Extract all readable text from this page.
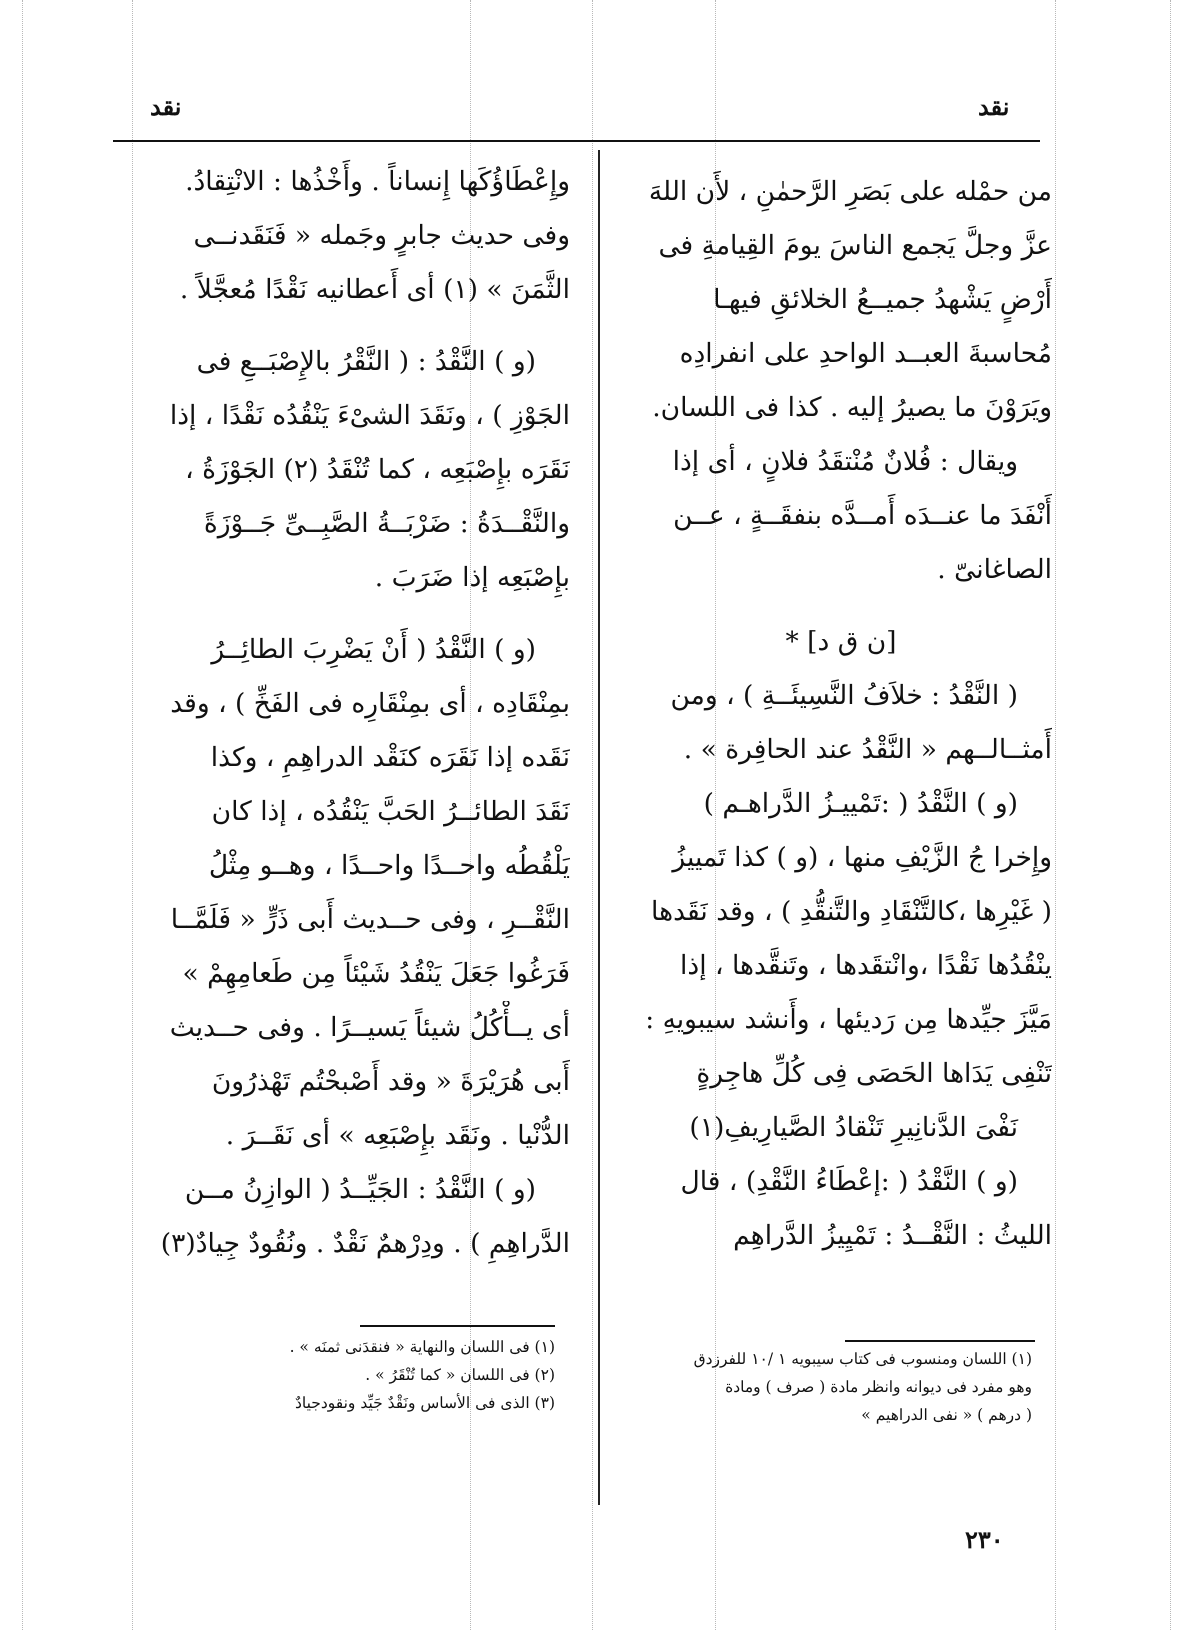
نقد	نقد
من حمْله على بَصَرِ الرَّحمٰنِ ، لأَن اللهَ
عزَّ وجلَّ يَجمع الناسَ يومَ القِيامةِ فى
أَرْضٍ يَشْهدُ جميــعُ الخلائقِ فيهـا
مُحاسبةَ العبــد الواحدِ على انفرادِه
ويَرَوْنَ ما يصيرُ إليه . كذا فى اللسان.
ويقال : فُلانٌ مُنْتقَدُ فلانٍ ، أى إذا
أَنْفَدَ ما عنــدَه أَمــدَّه بنفقَــةٍ ، عــن
الصاغانىّ .
[ن ق د] *
( النَّقْدُ : خلاَفُ النَّسِيئَــةِ ) ، ومن
أَمثــالــهم « النَّقْدُ عند الحافِرة » .
(و ) النَّقْدُ ( :تَمْييـزُ الدَّراهـم )
وإِخرا جُ الزَّيْفِ منها ، (و ) كذا تَمييزُ
( غَيْرِها ،كالتَّنْقَادِ والتَّنقُّدِ ) ، وقد نَقَدها
ينْقُدُها نَقْدًا ،وانْتقَدها ، وتَنقَّدها ، إذا
مَيَّزَ جيِّدها مِن رَديئها ، وأَنشد سيبويهِ :
تَنْفِى يَدَاها الحَصَى فِى كُلِّ هاجِرةٍ
نَفْىَ الدَّنانِيرِ تَنْقادُ الصَّيارِيفِ(١)
(و ) النَّقْدُ ( :إعْطَاءُ النَّقْدِ) ، قال
الليثُ : النَّقْــدُ : تَمْيِيزُ الدَّراهِم
(١) اللسان ومنسوب فى كتاب سيبويه ١ /١٠ للفرزدق
وهو مفرد فى ديوانه وانظر مادة ( صرف ) ومادة
( درهم ) « نفى الدراهيم »
وإِعْطَاؤُكَها إِنساناً . وأَخْذُها : الانْتِقادُ.
وفى حديث جابرٍ وجَمله « فَنَقَدنــى
الثَّمَنَ » (١) أى أَعطانيه نَقْدًا مُعجَّلاً .
(و ) النَّقْدُ : ( النَّقْرُ بالإِصْبَــعِ فى
الجَوْزِ ) ، ونَقَدَ الشىْءَ يَنْقُدُه نَقْدًا ، إذا
نَقَرَه بإِصْبَعِه ، كما تُنْقَدُ (٢) الجَوْزَةُ ،
والنَّقْــدَةُ : ضَرْبَــةُ الصَّبِــىِّ جَــوْزَةً
بإِصْبَعِه إذا ضَرَبَ .
(و ) النَّقْدُ ( أَنْ يَضْرِبَ الطائِــرُ
بمِنْقَادِه ، أى بمِنْقَارِه فى الفَخِّ ) ، وقد
نَقَده إذا نَقَرَه كنَقْد الدراهِمِ ، وكذا
نَقَدَ الطائــرُ الحَبَّ يَنْقُدُه ، إذا كان
يَلْقُطُه واحــدًا واحــدًا ، وهــو مِثْلُ
النَّقْــرِ ، وفى حــديث أَبى ذَرٍّ « فَلَمَّــا
فَرَغُوا جَعَلَ يَنْقُدُ شَيْئاً مِن طَعامِهِمْ »
أى يــأْكُلُ شيئاً يَسيــرًا . وفى حــديث
أَبى هُرَيْرَةَ « وقد أَصْبحْتُم تَهْذرُونَ
الدُّنْيا . ونَقَد بإِصْبَعِه » أى نَقَــرَ .
(و ) النَّقْدُ : الجَيِّــدُ ( الوازِنُ مــن
الدَّراهِمِ ) . ودِرْهمٌ نَقْدٌ . ونُقُودٌ جِيادٌ(٣)
(١) فى اللسان والنهاية « فنقدَنى ثمنَه » .
(٢) فى اللسان « كما تُنْقَرُ » .
(٣) الذى فى الأساس ونَقْدٌ جَيِّد ونقودجيادٌ
٢٣٠
